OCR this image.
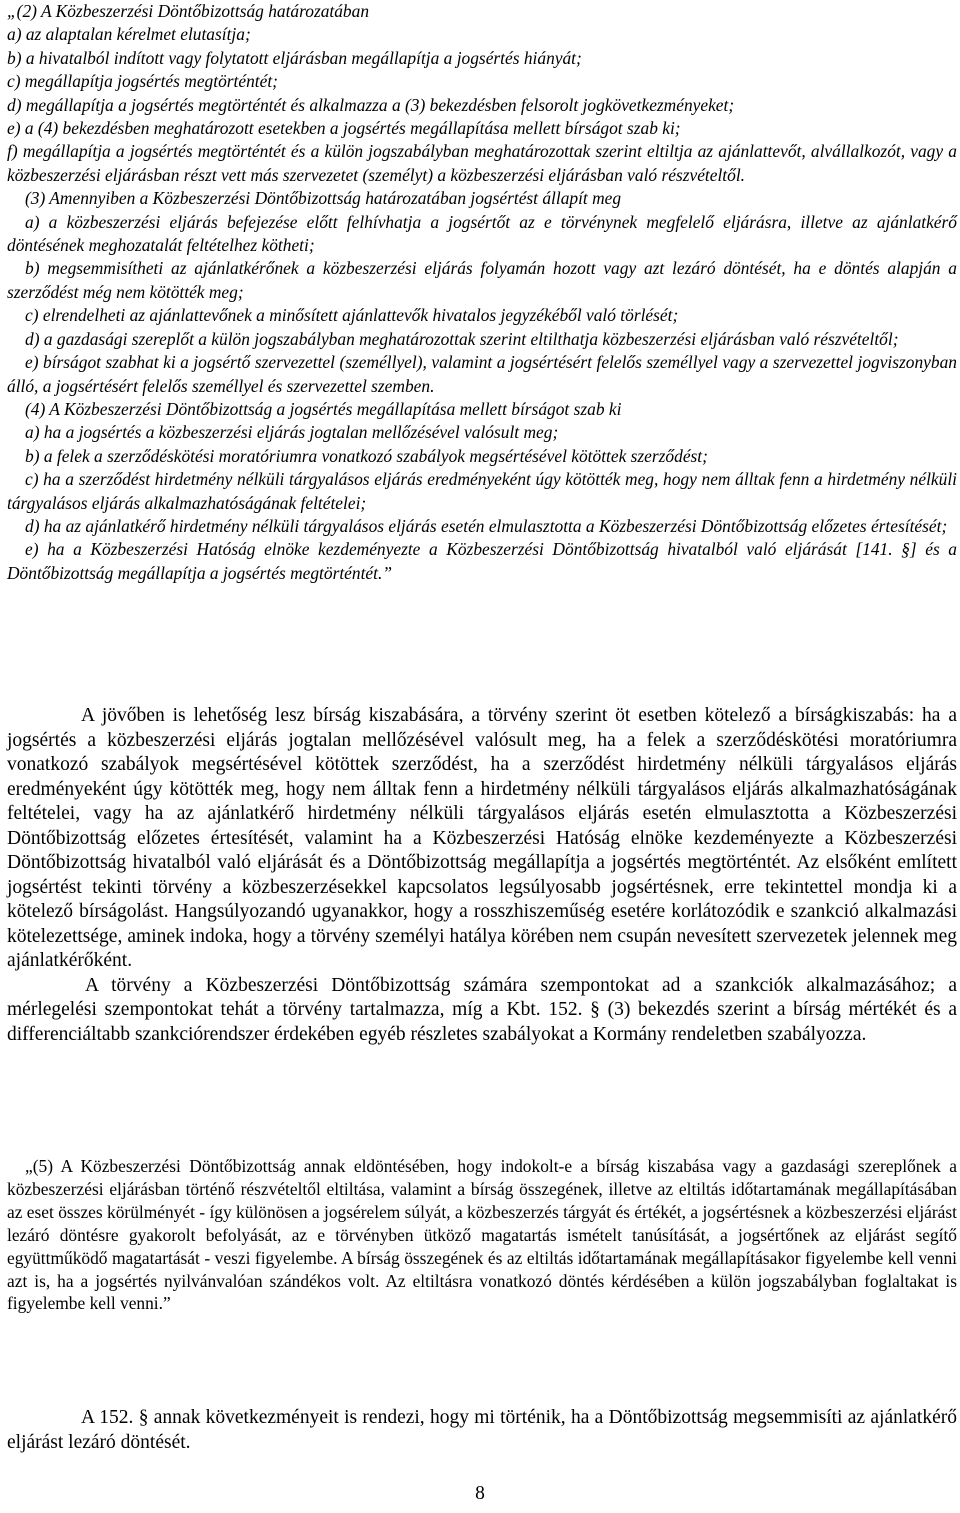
„(2) A Közbeszerzési Döntőbizottság határozatában

a) az alaptalan kérelmet elutasítja;

b) a hivatalból indított vagy folytatott eljárásban megállapítja a jogsértés hiányát;

c) megállapítja jogsértés megtörténtét;

d) megállapítja a jogsértés megtörténtét és alkalmazza a (3) bekezdésben felsorolt jogkövetkezményeket;

e) a (4) bekezdésben meghatározott esetekben a jogsértés megállapítása mellett bírságot szab ki;

f) megállapítja a jogsértés megtörténtét és a külön jogszabályban meghatározottak szerint eltiltja az ajánlattevőt, alvállalkozót, vagy a közbeszerzési eljárásban részt vett más szervezetet (személyt) a közbeszerzési eljárásban való részvételtől.

(3) Amennyiben a Közbeszerzési Döntőbizottság határozatában jogsértést állapít meg

a) a közbeszerzési eljárás befejezése előtt felhívhatja a jogsértőt az e törvénynek megfelelő eljárásra, illetve az ajánlatkérő döntésének meghozatalát feltételhez kötheti;

b) megsemmisítheti az ajánlatkérőnek a közbeszerzési eljárás folyamán hozott vagy azt lezáró döntését, ha e döntés alapján a szerződést még nem kötötték meg;

c) elrendelheti az ajánlattevőnek a minősített ajánlattevők hivatalos jegyzékéből való törlését;

d) a gazdasági szereplőt a külön jogszabályban meghatározottak szerint eltilthatja közbeszerzési eljárásban való részvételtől;

e) bírságot szabhat ki a jogsértő szervezettel (személlyel), valamint a jogsértésért felelős személlyel vagy a szervezettel jogviszonyban álló, a jogsértésért felelős személlyel és szervezettel szemben.

(4) A Közbeszerzési Döntőbizottság a jogsértés megállapítása mellett bírságot szab ki

a) ha a jogsértés a közbeszerzési eljárás jogtalan mellőzésével valósult meg;

b) a felek a szerződéskötési moratóriumra vonatkozó szabályok megsértésével kötöttek szerződést;

c) ha a szerződést hirdetmény nélküli tárgyalásos eljárás eredményeként úgy kötötték meg, hogy nem álltak fenn a hirdetmény nélküli tárgyalásos eljárás alkalmazhatóságának feltételei;

d) ha az ajánlatkérő hirdetmény nélküli tárgyalásos eljárás esetén elmulasztotta a Közbeszerzési Döntőbizottság előzetes értesítését;

e) ha a Közbeszerzési Hatóság elnöke kezdeményezte a Közbeszerzési Döntőbizottság hivatalból való eljárását [141. §] és a Döntőbizottság megállapítja a jogsértés megtörténtét.”

A jövőben is lehetőség lesz bírság kiszabására, a törvény szerint öt esetben kötelező a bírságkiszabás: ha a jogsértés a közbeszerzési eljárás jogtalan mellőzésével valósult meg, ha a felek a szerződéskötési moratóriumra vonatkozó szabályok megsértésével kötöttek szerződést, ha a szerződést hirdetmény nélküli tárgyalásos eljárás eredményeként úgy kötötték meg, hogy nem álltak fenn a hirdetmény nélküli tárgyalásos eljárás alkalmazhatóságának feltételei, vagy ha az ajánlatkérő hirdetmény nélküli tárgyalásos eljárás esetén elmulasztotta a Közbeszerzési Döntőbizottság előzetes értesítését, valamint ha a Közbeszerzési Hatóság elnöke kezdeményezte a Közbeszerzési Döntőbizottság hivatalból való eljárását és a Döntőbizottság megállapítja a jogsértés megtörténtét. Az elsőként említett jogsértést tekinti törvény a közbeszerzésekkel kapcsolatos legsúlyosabb jogsértésnek, erre tekintettel mondja ki a kötelező bírságolást. Hangsúlyozandó ugyanakkor, hogy a rosszhiszeműség esetére korlátozódik e szankció alkalmazási kötelezettsége, aminek indoka, hogy a törvény személyi hatálya körében nem csupán nevesített szervezetek jelennek meg ajánlatkérőként.

A törvény a Közbeszerzési Döntőbizottság számára szempontokat ad a szankciók alkalmazásához; a mérlegelési szempontokat tehát a törvény tartalmazza, míg a Kbt. 152. § (3) bekezdés szerint a bírság mértékét és a differenciáltabb szankciórendszer érdekében egyéb részletes szabályokat a Kormány rendeletben szabályozza.

„(5) A Közbeszerzési Döntőbizottság annak eldöntésében, hogy indokolt-e a bírság kiszabása vagy a gazdasági szereplőnek a közbeszerzési eljárásban történő részvételtől eltiltása, valamint a bírság összegének, illetve az eltiltás időtartamának megállapításában az eset összes körülményét - így különösen a jogsérelem súlyát, a közbeszerzés tárgyát és értékét, a jogsértésnek a közbeszerzési eljárást lezáró döntésre gyakorolt befolyását, az e törvényben ütköző magatartás ismételt tanúsítását, a jogsértőnek az eljárást segítő együttműködő magatartását - veszi figyelembe. A bírság összegének és az eltiltás időtartamának megállapításakor figyelembe kell venni azt is, ha a jogsértés nyilvánvalóan szándékos volt. Az eltiltásra vonatkozó döntés kérdésében a külön jogszabályban foglaltakat is figyelembe kell venni.”

A 152. § annak következményeit is rendezi, hogy mi történik, ha a Döntőbizottság megsemmisíti az ajánlatkérő eljárást lezáró döntését.

8
